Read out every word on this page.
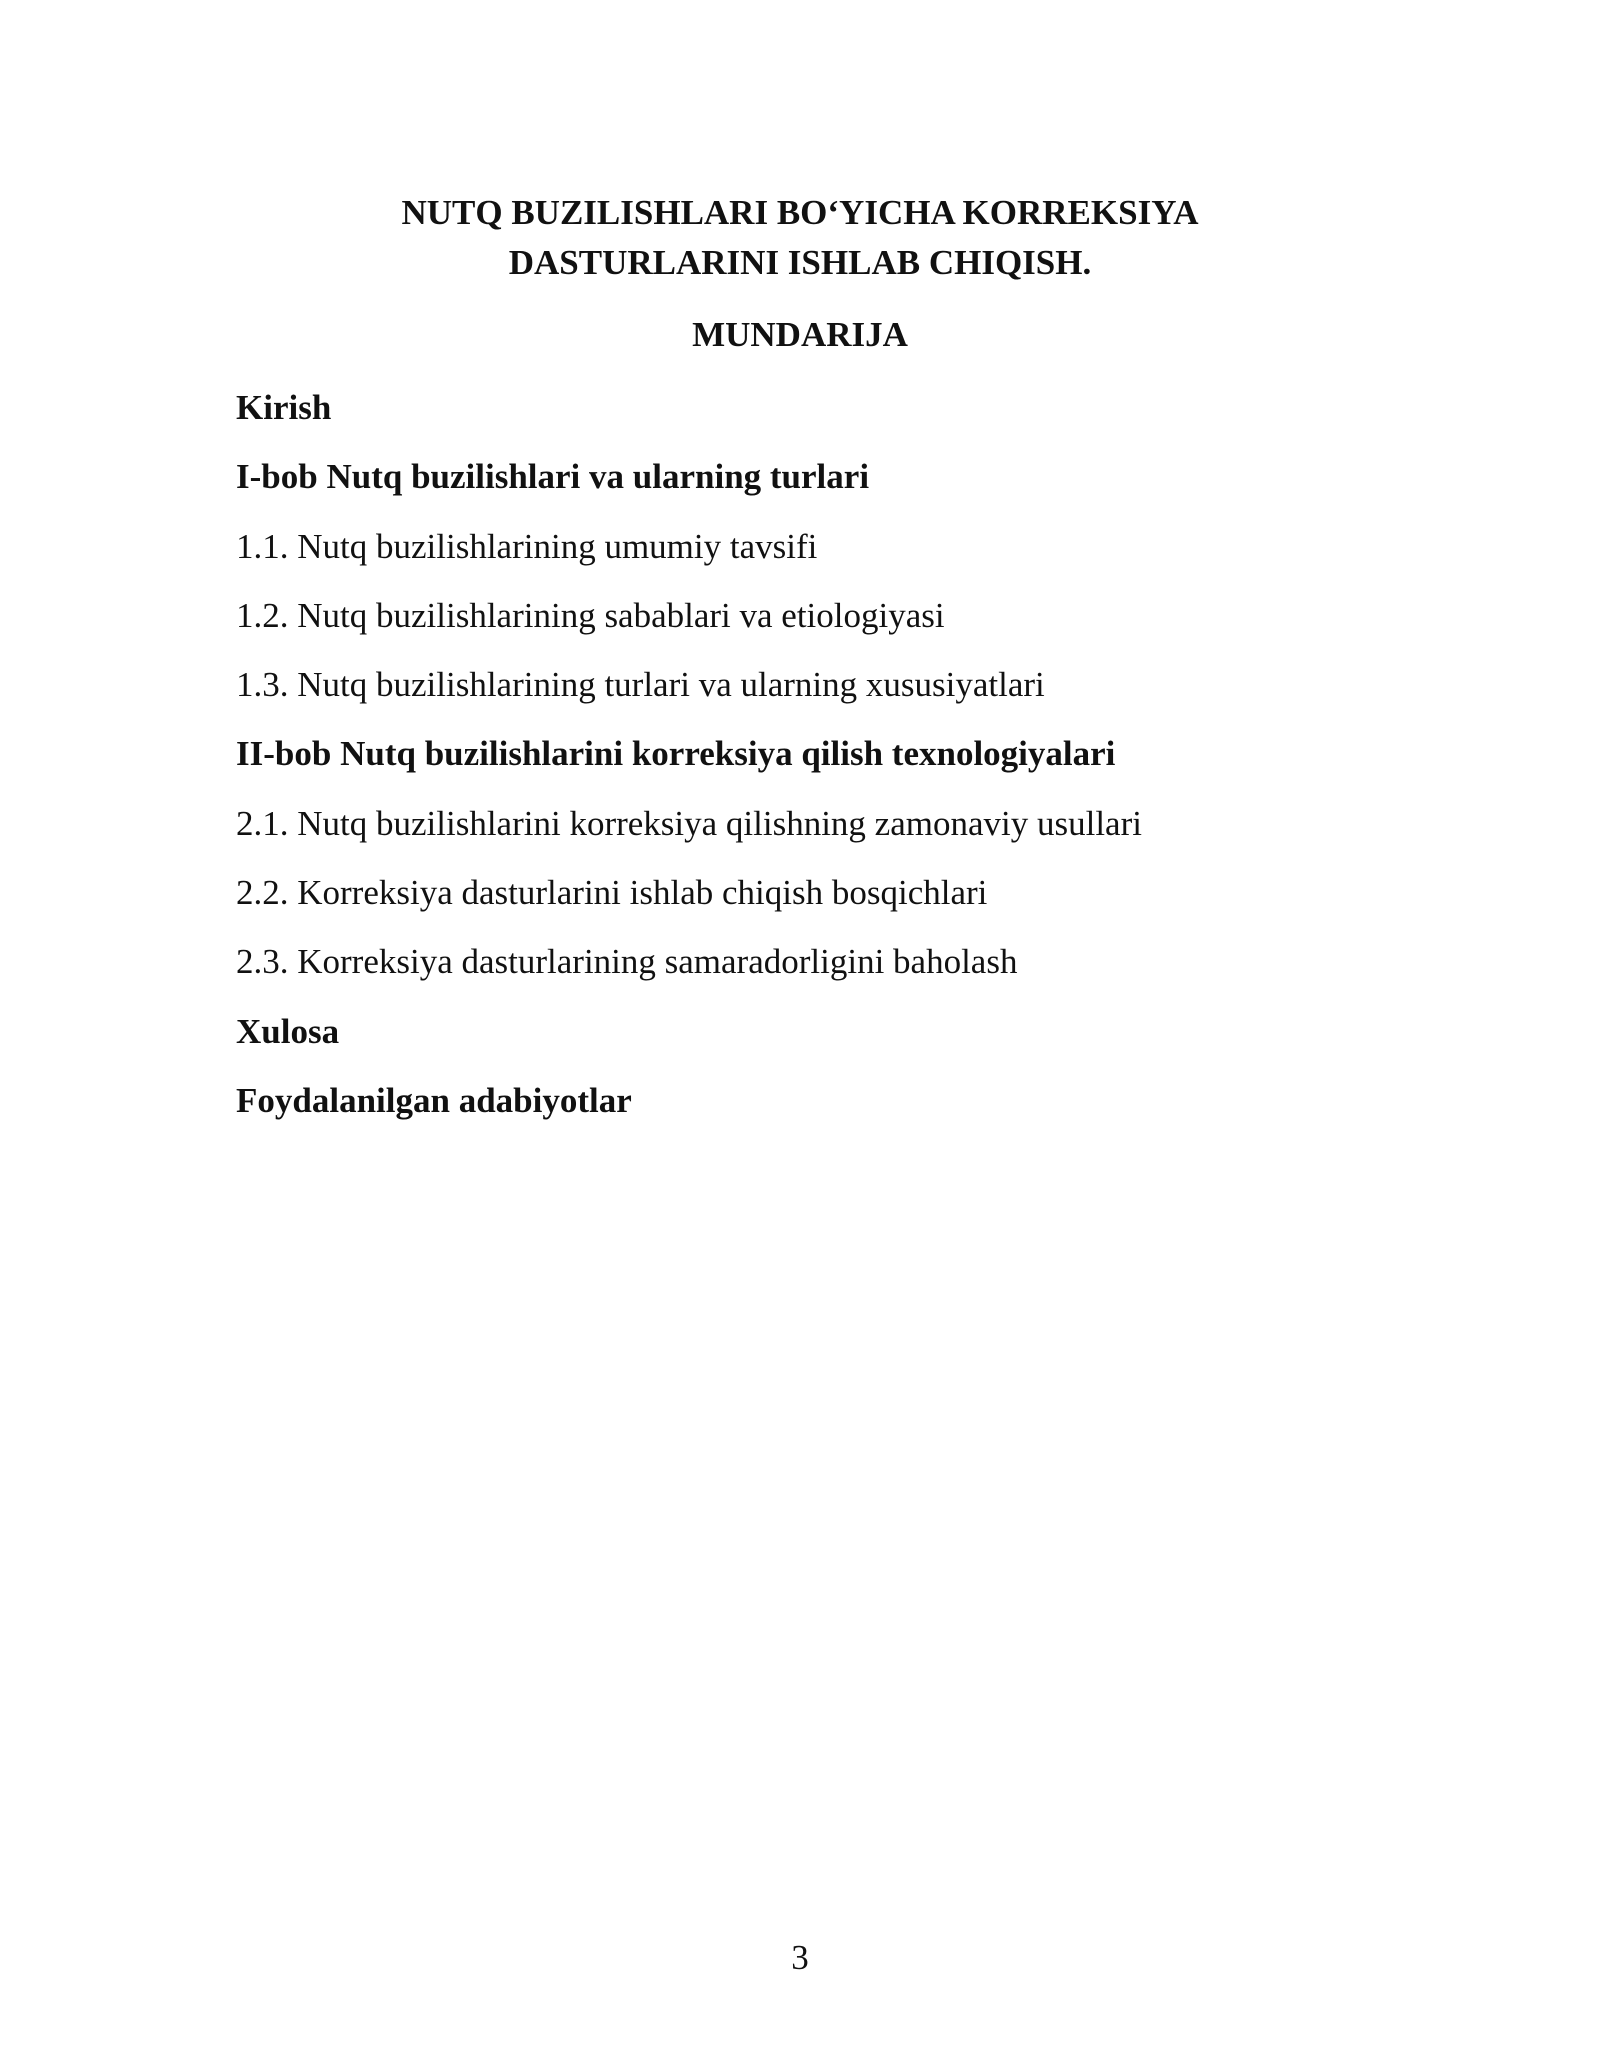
NUTQ BUZILISHLARI BO‘YICHA KORREKSIYA
DASTURLARINI ISHLAB CHIQISH.
MUNDARIJA
Kirish
I-bob Nutq buzilishlari va ularning turlari
1.1. Nutq buzilishlarining umumiy tavsifi
1.2. Nutq buzilishlarining sabablari va etiologiyasi
1.3. Nutq buzilishlarining turlari va ularning xususiyatlari
II-bob Nutq buzilishlarini korreksiya qilish texnologiyalari
2.1. Nutq buzilishlarini korreksiya qilishning zamonaviy usullari
2.2. Korreksiya dasturlarini ishlab chiqish bosqichlari
2.3. Korreksiya dasturlarining samaradorligini baholash
Xulosa
Foydalanilgan adabiyotlar
3
